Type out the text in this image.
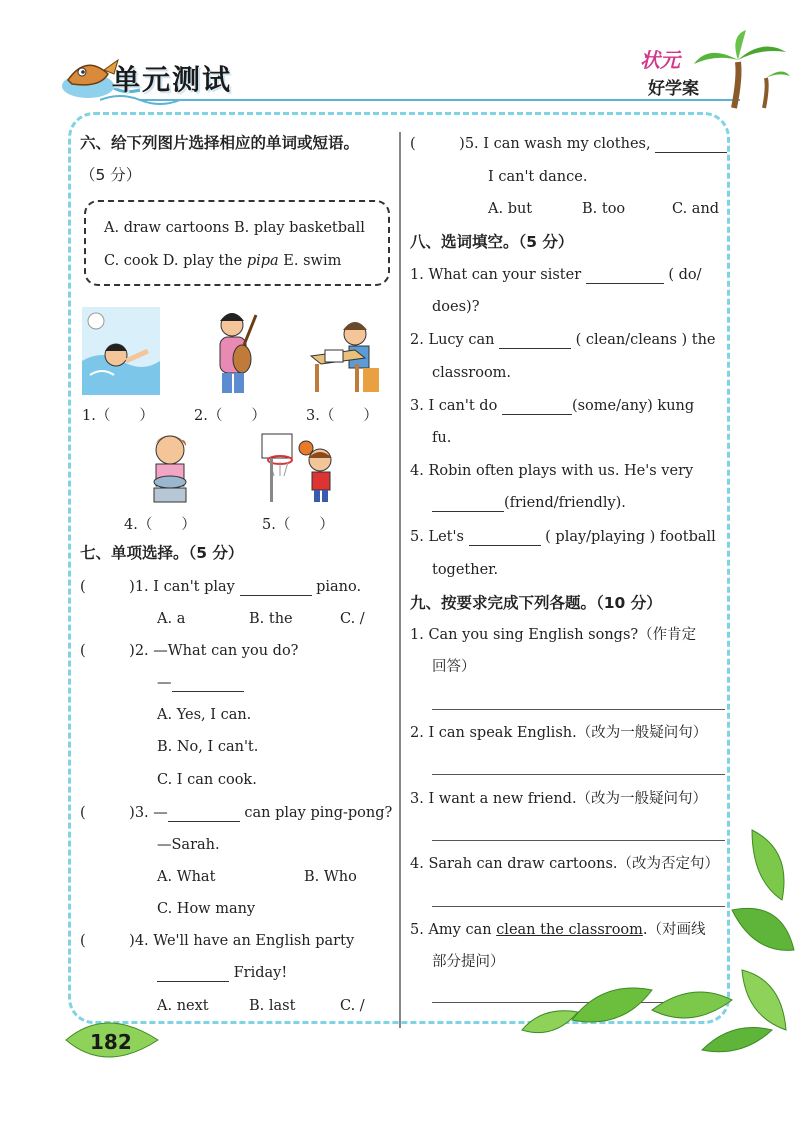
单元测试
状元
好学案
六、给下列图片选择相应的单词或短语。
（5 分）
A. draw cartoons B. play basketball
C. cook D. play the pipa E. swim
1.（　　）	2.（　　）	3.（　　）
4.（　　）	5.（　　）
七、单项选择。（5 分）
(　　　)1. I can't play	piano.
A. a	B. the	C. /
(　　　)2. —What can you do?
—
A. Yes, I can.
B. No, I can't.
C. I can cook.
(　　　)3. —	can play ping-pong?
—Sarah.
A. What	B. Who
C. How many
(　　　)4. We'll have an English party
Friday!
A. next	B. last	C. /
(　　　)5. I can wash my clothes,
I can't dance.
A. but	B. too	C. and
八、选词填空。（5 分）
1. What can your sister	( do/
does)?
2. Lucy can	( clean/cleans ) the
classroom.
3. I can't do	(some/any) kung
fu.
4. Robin often plays with us. He's very
(friend/friendly).
5. Let's	( play/playing ) football
together.
九、按要求完成下列各题。（10 分）
1. Can you sing English songs?（作肯定
回答）
2. I can speak English.（改为一般疑问句）
3. I want a new friend.（改为一般疑问句）
4. Sarah can draw cartoons.（改为否定句）
5. Amy can clean the classroom.（对画线
部分提问）
182
